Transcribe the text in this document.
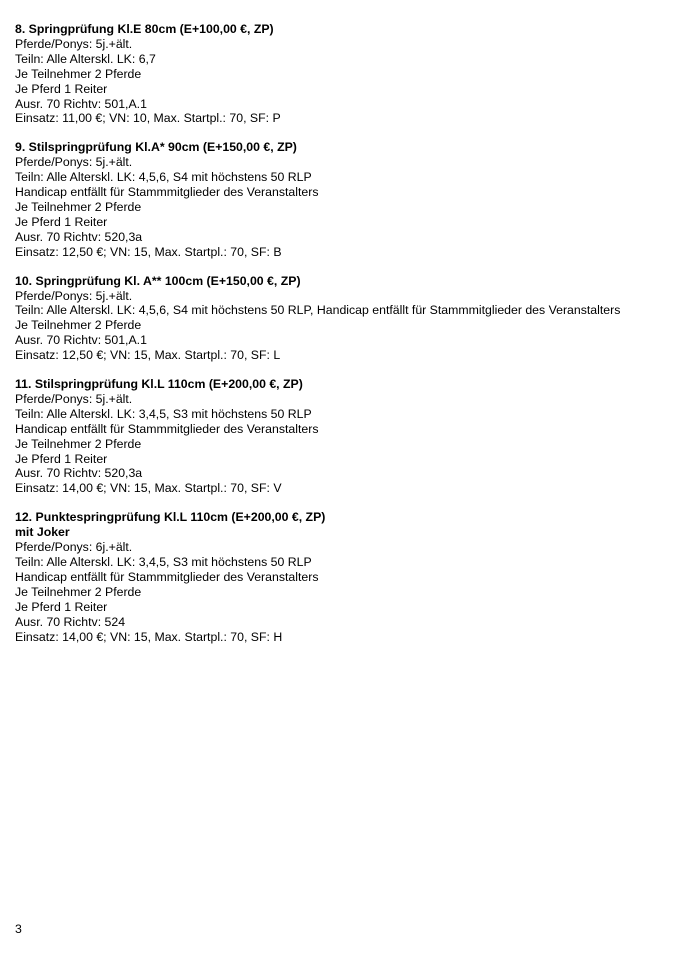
8. Springprüfung Kl.E 80cm (E+100,00 €, ZP)
Pferde/Ponys: 5j.+ält.
Teiln: Alle Alterskl. LK: 6,7
Je Teilnehmer 2 Pferde
Je Pferd 1 Reiter
Ausr. 70 Richtv: 501,A.1
Einsatz: 11,00 €; VN: 10, Max. Startpl.: 70, SF: P
9. Stilspringprüfung Kl.A* 90cm (E+150,00 €, ZP)
Pferde/Ponys: 5j.+ält.
Teiln: Alle Alterskl. LK: 4,5,6, S4 mit höchstens 50 RLP
Handicap entfällt für Stammmitglieder des Veranstalters
Je Teilnehmer 2 Pferde
Je Pferd 1 Reiter
Ausr. 70 Richtv: 520,3a
Einsatz: 12,50 €; VN: 15, Max. Startpl.: 70, SF: B
10. Springprüfung Kl. A** 100cm (E+150,00 €, ZP)
Pferde/Ponys: 5j.+ält.
Teiln: Alle Alterskl. LK: 4,5,6, S4 mit höchstens 50 RLP, Handicap entfällt für Stammmitglieder des Veranstalters
Je Teilnehmer 2 Pferde
Ausr. 70 Richtv: 501,A.1
Einsatz: 12,50 €; VN: 15, Max. Startpl.: 70, SF: L
11. Stilspringprüfung Kl.L 110cm (E+200,00 €, ZP)
Pferde/Ponys: 5j.+ält.
Teiln: Alle Alterskl. LK: 3,4,5, S3 mit höchstens 50 RLP
Handicap entfällt für Stammmitglieder des Veranstalters
Je Teilnehmer 2 Pferde
Je Pferd 1 Reiter
Ausr. 70 Richtv: 520,3a
Einsatz: 14,00 €; VN: 15, Max. Startpl.: 70, SF: V
12. Punktespringprüfung Kl.L 110cm (E+200,00 €, ZP)
mit Joker
Pferde/Ponys: 6j.+ält.
Teiln: Alle Alterskl. LK: 3,4,5, S3 mit höchstens 50 RLP
Handicap entfällt für Stammmitglieder des Veranstalters
Je Teilnehmer 2 Pferde
Je Pferd 1 Reiter
Ausr. 70 Richtv: 524
Einsatz: 14,00 €; VN: 15, Max. Startpl.: 70, SF: H
3
